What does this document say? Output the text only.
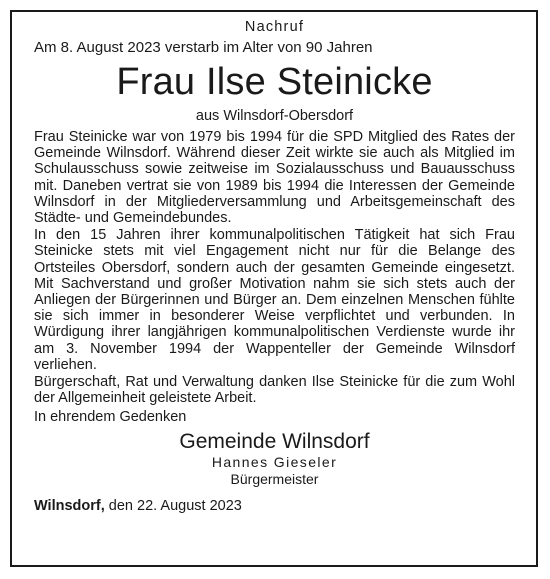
Nachruf

Am 8. August 2023 verstarb im Alter von 90 Jahren

Frau Ilse Steinicke

aus Wilnsdorf-Obersdorf

Frau Steinicke war von 1979 bis 1994 für die SPD Mitglied des Rates der Gemeinde Wilnsdorf. Während dieser Zeit wirkte sie auch als Mitglied im Schulausschuss sowie zeitweise im Sozialausschuss und Bauausschuss mit. Daneben vertrat sie von 1989 bis 1994 die Interessen der Gemeinde Wilnsdorf in der Mitgliederversammlung und Arbeitsgemeinschaft des Städte- und Gemeindebundes.

In den 15 Jahren ihrer kommunalpolitischen Tätigkeit hat sich Frau Steinicke stets mit viel Engagement nicht nur für die Belange des Ortsteiles Obersdorf, sondern auch der gesamten Gemeinde eingesetzt. Mit Sachverstand und großer Motivation nahm sie sich stets auch der Anliegen der Bürgerinnen und Bürger an. Dem einzelnen Menschen fühlte sie sich immer in besonderer Weise verpflichtet und verbunden. In Würdigung ihrer langjährigen kommunalpolitischen Verdienste wurde ihr am 3. November 1994 der Wappenteller der Gemeinde Wilnsdorf verliehen.

Bürgerschaft, Rat und Verwaltung danken Ilse Steinicke für die zum Wohl der Allgemeinheit geleistete Arbeit.

In ehrendem Gedenken

Gemeinde Wilnsdorf

Hannes Gieseler

Bürgermeister

Wilnsdorf, den 22. August 2023
